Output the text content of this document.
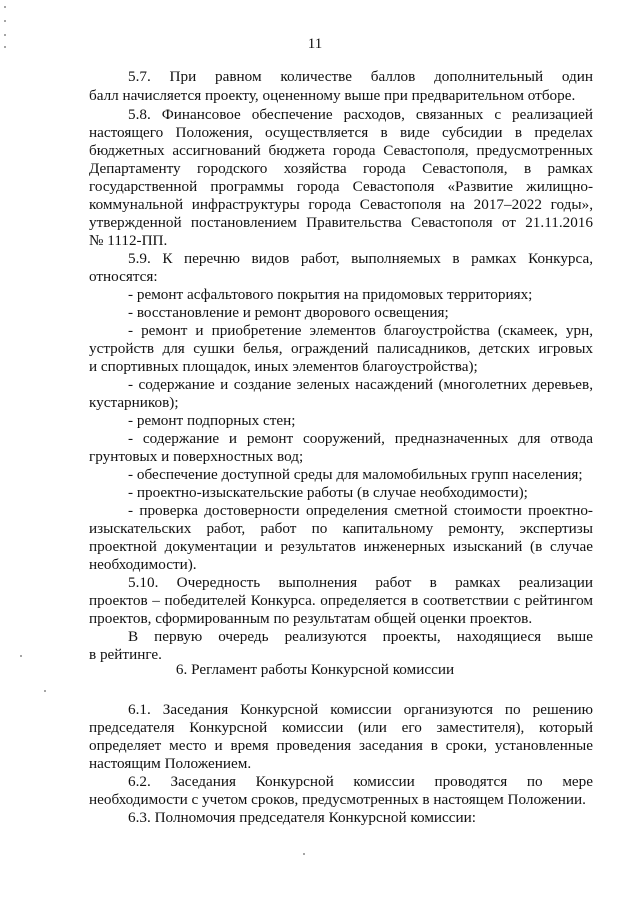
11
5.7. При равном количестве баллов дополнительный один
балл начисляется проекту, оцененному выше при предварительном отборе.
5.8. Финансовое обеспечение расходов, связанных с реализацией
настоящего Положения, осуществляется в виде субсидии в пределах
бюджетных ассигнований бюджета города Севастополя, предусмотренных
Департаменту городского хозяйства города Севастополя, в рамках
государственной программы города Севастополя «Развитие жилищно-
коммунальной инфраструктуры города Севастополя на 2017–2022 годы»,
утвержденной постановлением Правительства Севастополя от 21.11.2016
№ 1112-ПП.
5.9. К перечню видов работ, выполняемых в рамках Конкурса,
относятся:
- ремонт асфальтового покрытия на придомовых территориях;
- восстановление и ремонт дворового освещения;
- ремонт и приобретение элементов благоустройства (скамеек, урн,
устройств для сушки белья, ограждений палисадников, детских игровых
и спортивных площадок, иных элементов благоустройства);
- содержание и создание зеленых насаждений (многолетних деревьев,
кустарников);
- ремонт подпорных стен;
- содержание и ремонт сооружений, предназначенных для отвода
грунтовых и поверхностных вод;
- обеспечение доступной среды для маломобильных групп населения;
- проектно-изыскательские работы (в случае необходимости);
- проверка достоверности определения сметной стоимости проектно-
изыскательских работ, работ по капитальному ремонту, экспертизы
проектной документации и результатов инженерных изысканий (в случае
необходимости).
5.10. Очередность выполнения работ в рамках реализации
проектов – победителей Конкурса. определяется в соответствии с рейтингом
проектов, сформированным по результатам общей оценки проектов.
В первую очередь реализуются проекты, находящиеся выше
в рейтинге.
6. Регламент работы Конкурсной комиссии
6.1. Заседания Конкурсной комиссии организуются по решению
председателя Конкурсной комиссии (или его заместителя), который
определяет место и время проведения заседания в сроки, установленные
настоящим Положением.
6.2. Заседания Конкурсной комиссии проводятся по мере
необходимости с учетом сроков, предусмотренных в настоящем Положении.
6.3. Полномочия председателя Конкурсной комиссии:
